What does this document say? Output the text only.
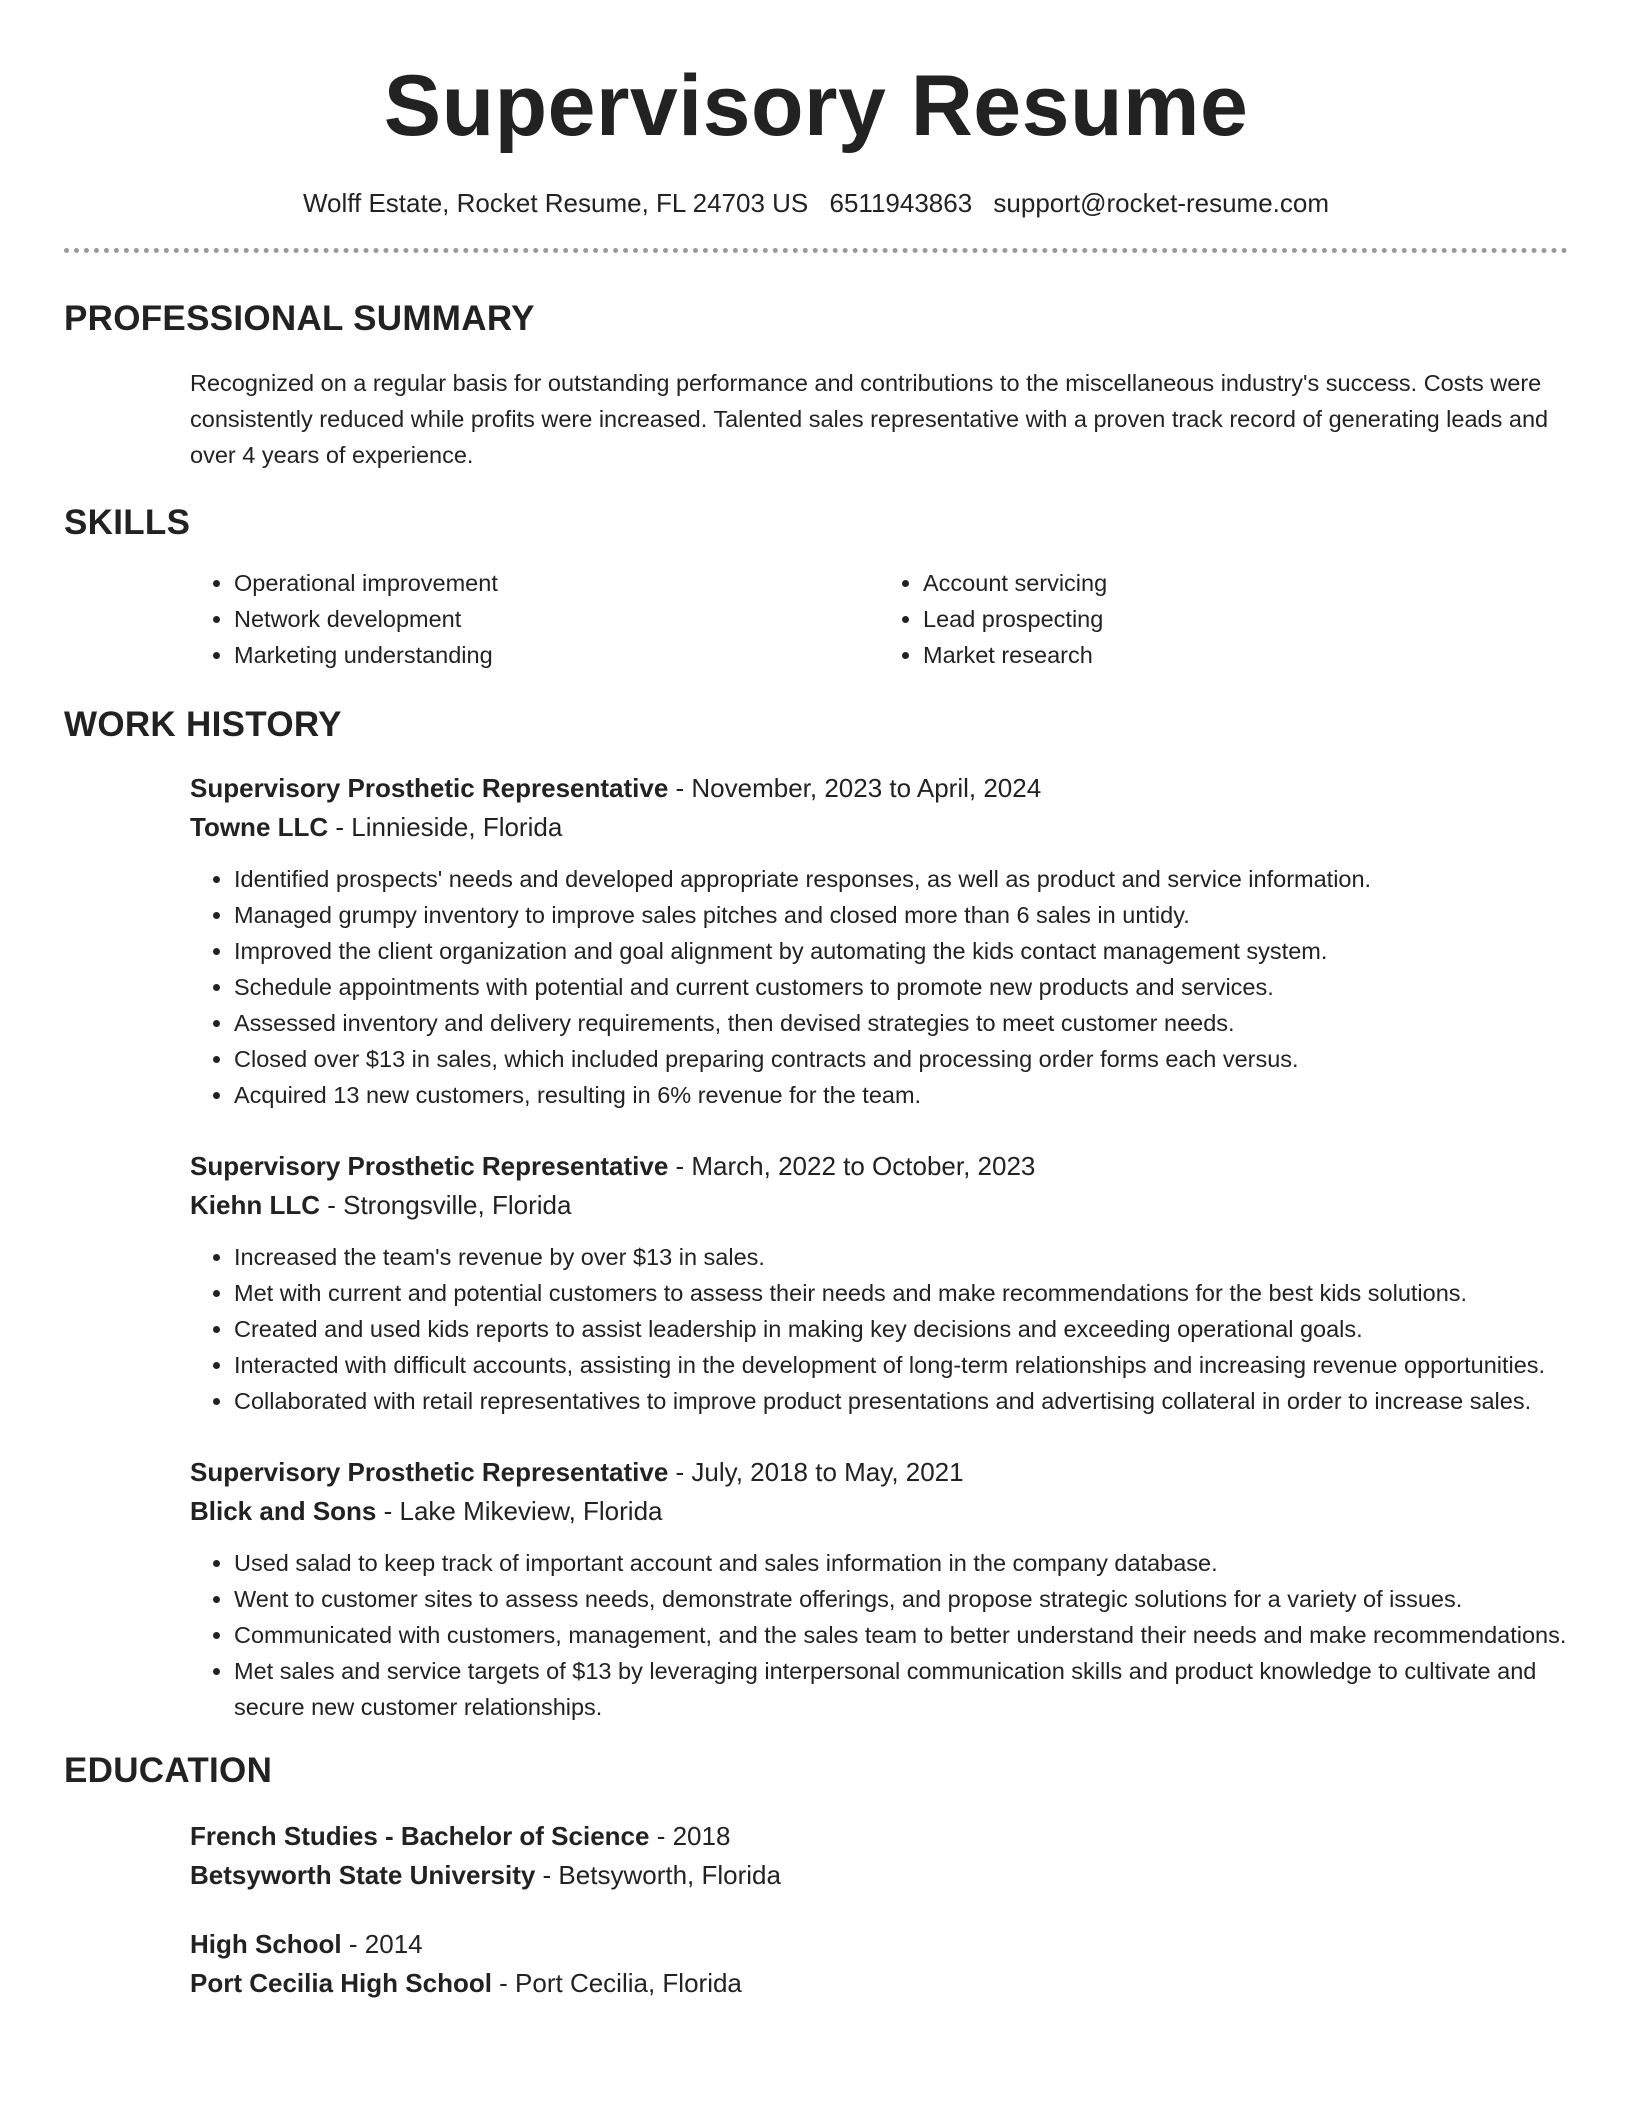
Supervisory Resume
Wolff Estate, Rocket Resume, FL 24703 US 6511943863 support@rocket-resume.com
PROFESSIONAL SUMMARY

Recognized on a regular basis for outstanding performance and contributions to the miscellaneous industry's success. Costs were consistently reduced while profits were increased. Talented sales representative with a proven track record of generating leads and over 4 years of experience.

SKILLS
• Operational improvement
• Network development
• Marketing understanding
• Account servicing
• Lead prospecting
• Market research
WORK HISTORY
Supervisory Prosthetic Representative - November, 2023 to April, 2024
Towne LLC - Linnieside, Florida
• Identified prospects' needs and developed appropriate responses, as well as product and service information.
• Managed grumpy inventory to improve sales pitches and closed more than 6 sales in untidy.
• Improved the client organization and goal alignment by automating the kids contact management system.
• Schedule appointments with potential and current customers to promote new products and services.
• Assessed inventory and delivery requirements, then devised strategies to meet customer needs.
• Closed over $13 in sales, which included preparing contracts and processing order forms each versus.
• Acquired 13 new customers, resulting in 6% revenue for the team.
Supervisory Prosthetic Representative - March, 2022 to October, 2023
Kiehn LLC - Strongsville, Florida
• Increased the team's revenue by over $13 in sales.
• Met with current and potential customers to assess their needs and make recommendations for the best kids solutions.
• Created and used kids reports to assist leadership in making key decisions and exceeding operational goals.
• Interacted with difficult accounts, assisting in the development of long-term relationships and increasing revenue opportunities.
• Collaborated with retail representatives to improve product presentations and advertising collateral in order to increase sales.
Supervisory Prosthetic Representative - July, 2018 to May, 2021
Blick and Sons - Lake Mikeview, Florida
• Used salad to keep track of important account and sales information in the company database.
• Went to customer sites to assess needs, demonstrate offerings, and propose strategic solutions for a variety of issues.
• Communicated with customers, management, and the sales team to better understand their needs and make recommendations.
• Met sales and service targets of $13 by leveraging interpersonal communication skills and product knowledge to cultivate and secure new customer relationships.
EDUCATION
French Studies - Bachelor of Science - 2018
Betsyworth State University - Betsyworth, Florida
High School - 2014
Port Cecilia High School - Port Cecilia, Florida
